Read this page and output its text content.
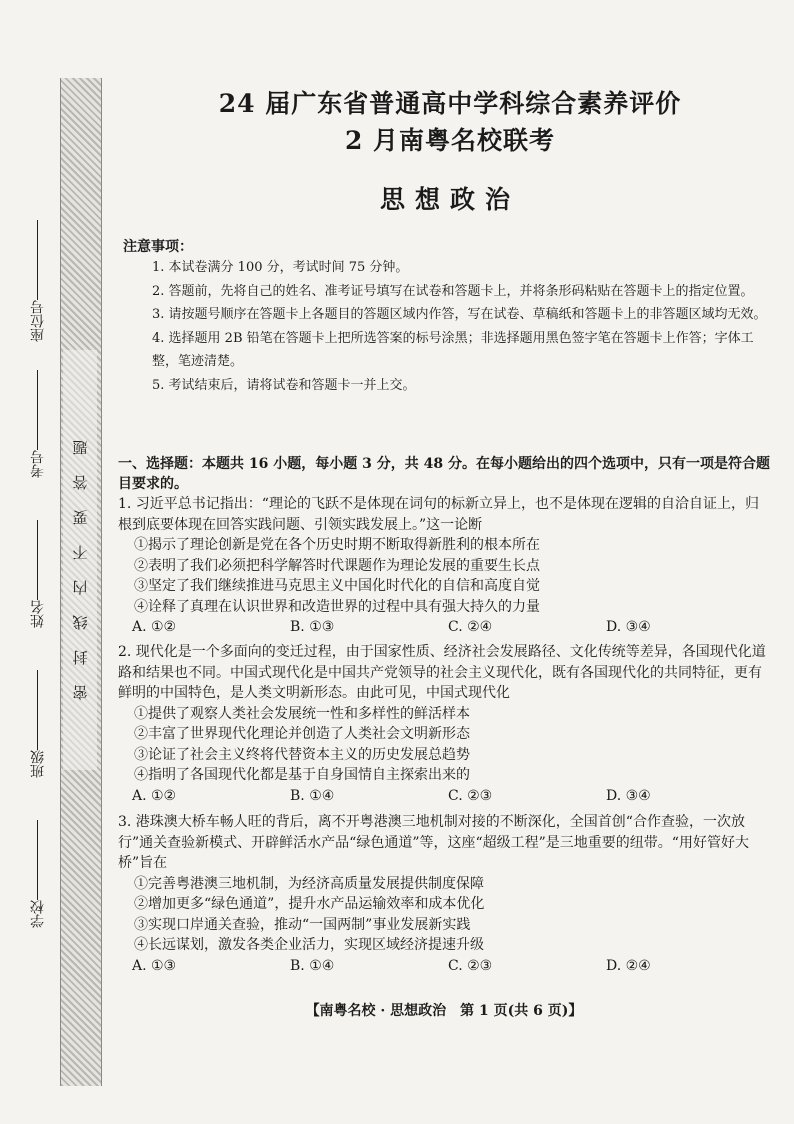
密封线内不要答题
学校
班级
姓名
考号
座位号
24 届广东省普通高中学科综合素养评价
2 月南粤名校联考
思想政治
注意事项：

1. 本试卷满分 100 分，考试时间 75 分钟。

2. 答题前，先将自己的姓名、准考证号填写在试卷和答题卡上，并将条形码粘贴在答题卡上的指定位置。

3. 请按题号顺序在答题卡上各题目的答题区域内作答，写在试卷、草稿纸和答题卡上的非答题区域均无效。

4. 选择题用 2B 铅笔在答题卡上把所选答案的标号涂黑；非选择题用黑色签字笔在答题卡上作答；字体工整，笔迹清楚。

5. 考试结束后，请将试卷和答题卡一并上交。

一、选择题：本题共 16 小题，每小题 3 分，共 48 分。在每小题给出的四个选项中，只有一项是符合题目要求的。

1. 习近平总书记指出：“理论的飞跃不是体现在词句的标新立异上，也不是体现在逻辑的自洽自证上，归根到底要体现在回答实践问题、引领实践发展上。”这一论断

①揭示了理论创新是党在各个历史时期不断取得新胜利的根本所在

②表明了我们必须把科学解答时代课题作为理论发展的重要生长点

③坚定了我们继续推进马克思主义中国化时代化的自信和高度自觉

④诠释了真理在认识世界和改造世界的过程中具有强大持久的力量

A. ①②	B. ①③	C. ②④	D. ③④

2. 现代化是一个多面向的变迁过程，由于国家性质、经济社会发展路径、文化传统等差异，各国现代化道路和结果也不同。中国式现代化是中国共产党领导的社会主义现代化，既有各国现代化的共同特征，更有鲜明的中国特色，是人类文明新形态。由此可见，中国式现代化

①提供了观察人类社会发展统一性和多样性的鲜活样本

②丰富了世界现代化理论并创造了人类社会文明新形态

③论证了社会主义终将代替资本主义的历史发展总趋势

④指明了各国现代化都是基于自身国情自主探索出来的

A. ①②	B. ①④	C. ②③	D. ③④

3. 港珠澳大桥车畅人旺的背后，离不开粤港澳三地机制对接的不断深化，全国首创“合作查验，一次放行”通关查验新模式、开辟鲜活水产品“绿色通道”等，这座“超级工程”是三地重要的纽带。“用好管好大桥”旨在

①完善粤港澳三地机制，为经济高质量发展提供制度保障

②增加更多“绿色通道”，提升水产品运输效率和成本优化

③实现口岸通关查验，推动“一国两制”事业发展新实践

④长远谋划，激发各类企业活力，实现区域经济提速升级

A. ①③	B. ①④	C. ②③	D. ②④
【南粤名校 · 思想政治　第 1 页(共 6 页)】
